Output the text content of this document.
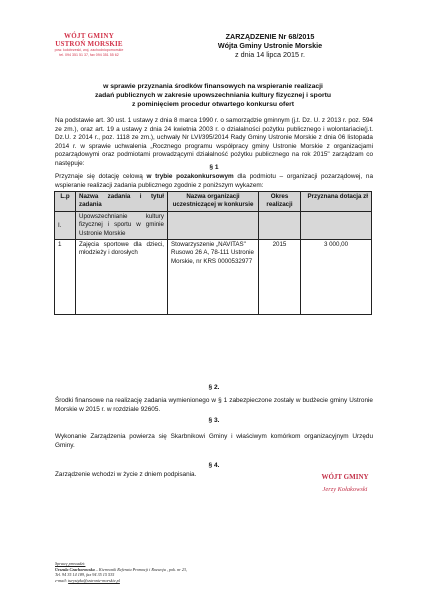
WÓJT GMINY
USTROŃ MORSKIE
pow. kołobrzeski, woj. zachodniopomorskie
tel. 094 351 51 37, fax 094 351 55 62
ZARZĄDZENIE Nr 68/2015
Wójta Gminy Ustronie Morskie
z dnia 14 lipca 2015 r.
w sprawie przyznania środków finansowych na wspieranie realizacji
zadań publicznych w zakresie upowszechniania kultury fizycznej i sportu
z pominięciem procedur otwartego konkursu ofert
Na podstawie art. 30 ust. 1 ustawy z dnia 8 marca 1990 r. o samorządzie gminnym (j.t. Dz. U. z 2013 r. poz. 594 ze zm.), oraz art. 19 a ustawy z dnia 24 kwietnia 2003 r. o działalności pożytku publicznego i wolontariacie(j.t. Dz.U. z 2014 r., poz. 1118 ze zm.), uchwały Nr LVI/395/2014 Rady Gminy Ustronie Morskie z dnia 06 listopada 2014 r. w sprawie uchwalenia „Rocznego programu współpracy gminy Ustronie Morskie z organizacjami pozarządowymi oraz podmiotami prowadzącymi działalność pożytku publicznego na rok 2015" zarządzam co następuje:
§ 1
Przyznaje się dotację celową w trybie pozakonkursowym dla podmiotu – organizacji pozarządowej, na wspieranie realizacji zadania publicznego zgodnie z poniższym wykazem:
L.p	Nazwa zadania i tytuł zadania	Nazwa organizacji uczestniczącej w konkursie	Okres realizacji	Przyznana dotacja zł
I.	Upowszechnianie kultury fizycznej i sportu w gminie Ustronie Morskie			
1	Zajęcia sportowe dla dzieci, młodzieży i dorosłych	Stowarzyszenie „NAVITAS" Rusowo 26 A, 78-111 Ustronie Morskie, nr KRS 0000532977	2015	3 000,00
§ 2.
Środki finansowe na realizację zadania wymienionego w § 1 zabezpieczone zostały w budżecie gminy Ustronie Morskie w 2015 r. w rozdziale 92605.
§ 3.
Wykonanie Zarządzenia powierza się Skarbnikowi Gminy i właściwym komórkom organizacyjnym Urzędu Gminy.
§ 4.
Zarządzenie wchodzi w życie z dniem podpisania.	WÓJT GMINY
Jerzy Kołakowski
Sprawę prowadzi:
Urszula Czachorowska – Kierownik Referatu Promocji i Rozwoju , pok. nr 23,
Tel. 94 35 14 189, fax 94 35 15 535
e-mail: turystyka@ustronie-morskie.pl
